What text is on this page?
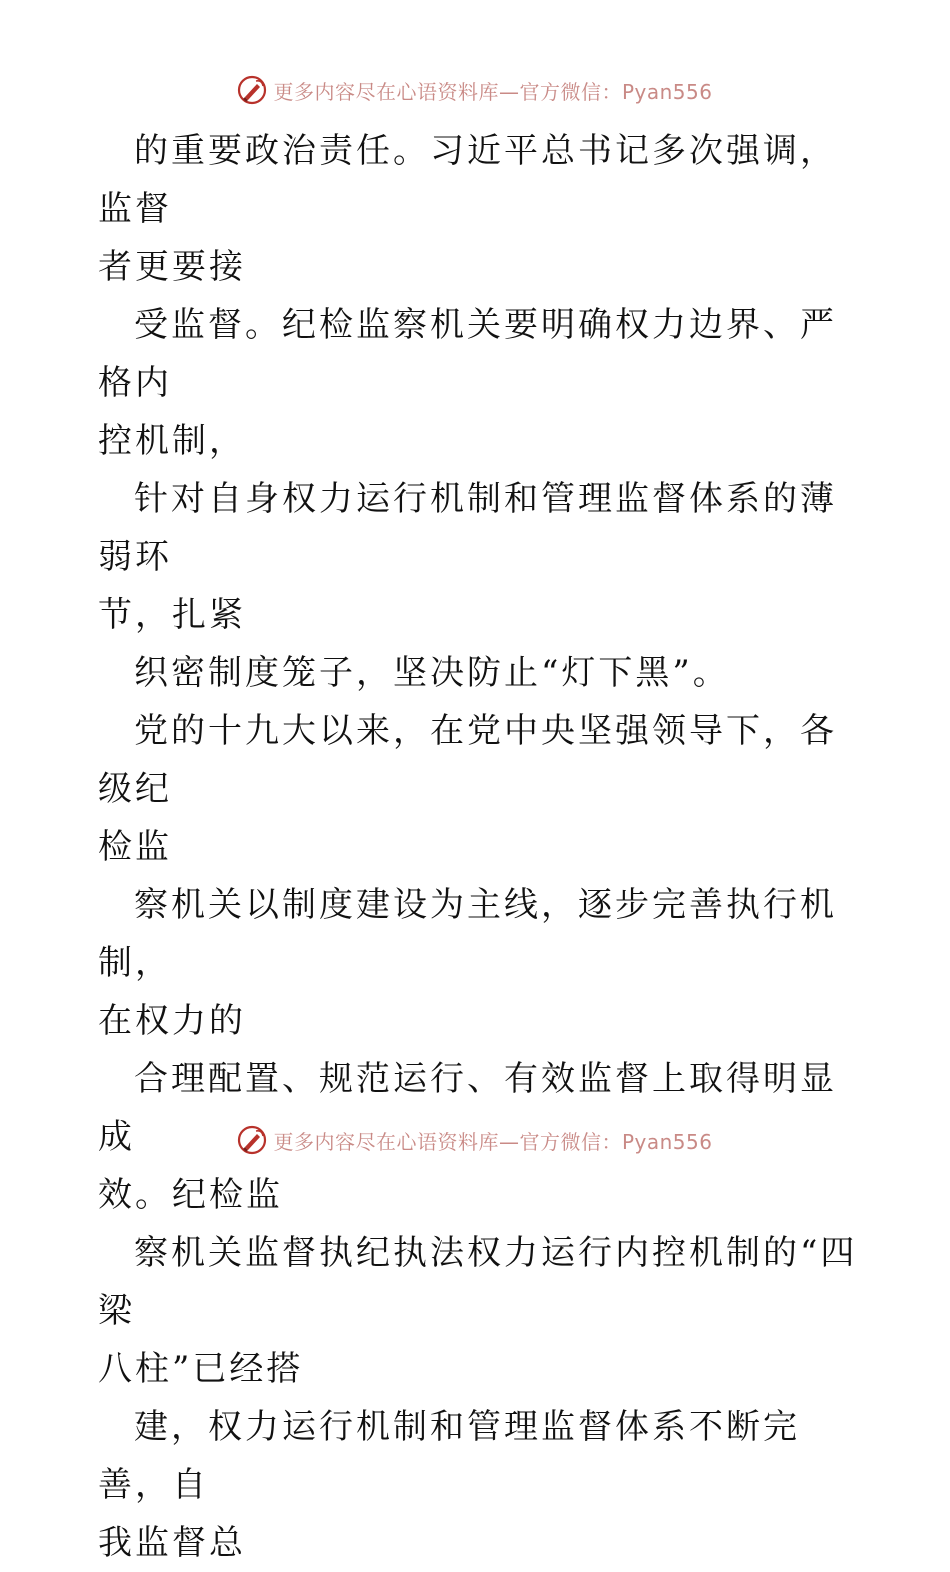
更多内容尽在心语资料库—官方微信：Pyan556

的重要政治责任。习近平总书记多次强调，监督
者更要接

受监督。纪检监察机关要明确权力边界、严格内
控机制，

针对自身权力运行机制和管理监督体系的薄弱环
节，扎紧

织密制度笼子，坚决防止“灯下黑”。

党的十九大以来，在党中央坚强领导下，各级纪
检监

察机关以制度建设为主线，逐步完善执行机制，
在权力的

合理配置、规范运行、有效监督上取得明显成
效。纪检监

察机关监督执纪执法权力运行内控机制的“四梁
八柱”已经搭

建，权力运行机制和管理监督体系不断完善，自
我监督总

更多内容尽在心语资料库—官方微信：Pyan556
